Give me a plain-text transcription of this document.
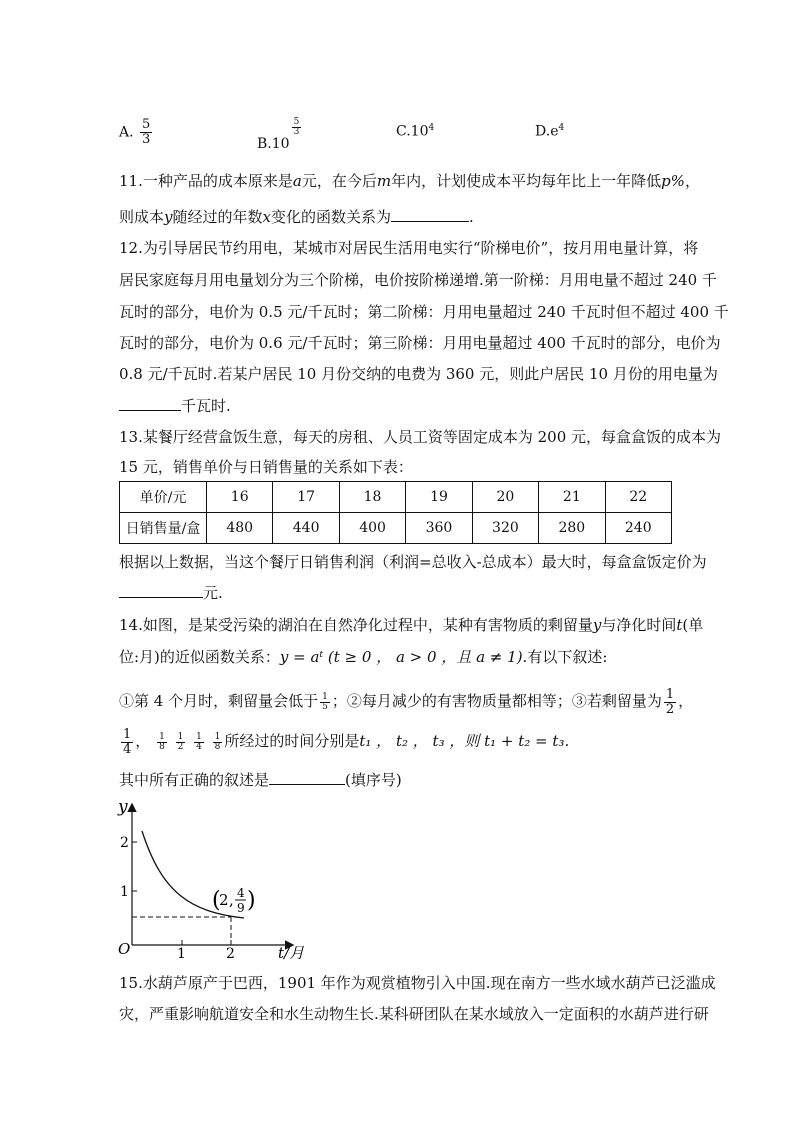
A. $\frac{5}{3}$	B.10
$\frac{5}{3}$	$C.10^4$	$D.e^4$
11.一种产品的成本原来是a元，在今后m年内，计划使成本平均每年比上一年降低p%，
则成本y随经过的年数x变化的函数关系为	.
12.为引导居民节约用电，某城市对居民生活用电实行“阶梯电价”，按月用电量计算，将
居民家庭每月用电量划分为三个阶梯，电价按阶梯递增.第一阶梯：月用电量不超过 240 千
瓦时的部分，电价为 0.5 元/千瓦时；第二阶梯：月用电量超过 240 千瓦时但不超过 400 千
瓦时的部分，电价为 0.6 元/千瓦时；第三阶梯：月用电量超过 400 千瓦时的部分，电价为
0.8 元/千瓦时.若某户居民 10 月份交纳的电费为 360 元，则此户居民 10 月份的用电量为
千瓦时.
13.某餐厅经营盒饭生意，每天的房租、人员工资等固定成本为 200 元，每盒盒饭的成本为
15 元，销售单价与日销售量的关系如下表：
单价/元	16	17	18	19	20	21	22
日销售量/盒	480	440	400	360	320	280	240
根据以上数据，当这个餐厅日销售利润（利润=总收入-总成本）最大时，每盒盒饭定价为
元.
14.如图，是某受污染的湖泊在自然净化过程中，某种有害物质的剩留量y与净化时间t(单
位:月)的近似函数关系：y = aᵗ (t ≥ 0 ， a > 0 ，且 a ≠ 1).有以下叙述:
①第 4 个月时，剩留量会低于 $\frac{1}{5}$ ；②每月减少的有害物质量都相等；③若剩留量为 $\frac{1}{2}$ ，
$\frac{1}{4}$ ， $\frac{1}{8}$
$\frac{1}{2}$
$\frac{1}{4}$
$\frac{1}{8}$ 所经过的时间分别是t₁ ， t₂ ， t₃ ，则 t₁ + t₂ = t₃.
其中所有正确的叙述是	(填序号)
y
2
1
O	1	2	t/月
(
2 , 4
9 )
15.水葫芦原产于巴西，1901 年作为观赏植物引入中国.现在南方一些水域水葫芦已泛滥成
灾，严重影响航道安全和水生动物生长.某科研团队在某水域放入一定面积的水葫芦进行研
